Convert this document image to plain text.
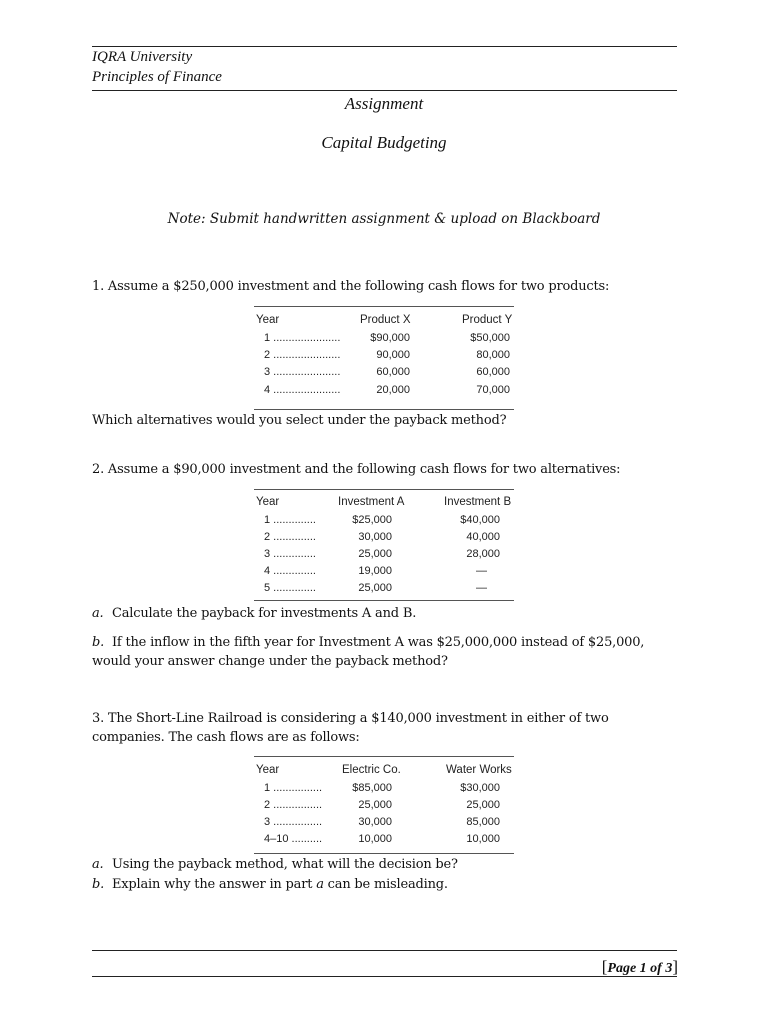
IQRA University
Principles of Finance
Assignment
Capital Budgeting
Note: Submit handwritten assignment & upload on Blackboard
1. Assume a $250,000 investment and the following cash flows for two products:
Year	Product X	Product Y
1 ......................	$90,000	$50,000
2 ......................	90,000	80,000
3 ......................	60,000	60,000
4 ......................	20,000	70,000
Which alternatives would you select under the payback method?
2. Assume a $90,000 investment and the following cash flows for two alternatives:
Year	Investment A	Investment B
1 ..............	$25,000	$40,000
2 ..............	30,000	40,000
3 ..............	25,000	28,000
4 ..............	19,000	—
5 ..............	25,000	—
a. Calculate the payback for investments A and B.
b. If the inflow in the fifth year for Investment A was $25,000,000 instead of $25,000, would your answer change under the payback method?
3. The Short-Line Railroad is considering a $140,000 investment in either of two companies. The cash flows are as follows:
Year	Electric Co.	Water Works
1 ................	$85,000	$30,000
2 ................	25,000	25,000
3 ................	30,000	85,000
4–10 ..........	10,000	10,000
a. Using the payback method, what will the decision be?
b. Explain why the answer in part a can be misleading.
[Page 1 of 3]
